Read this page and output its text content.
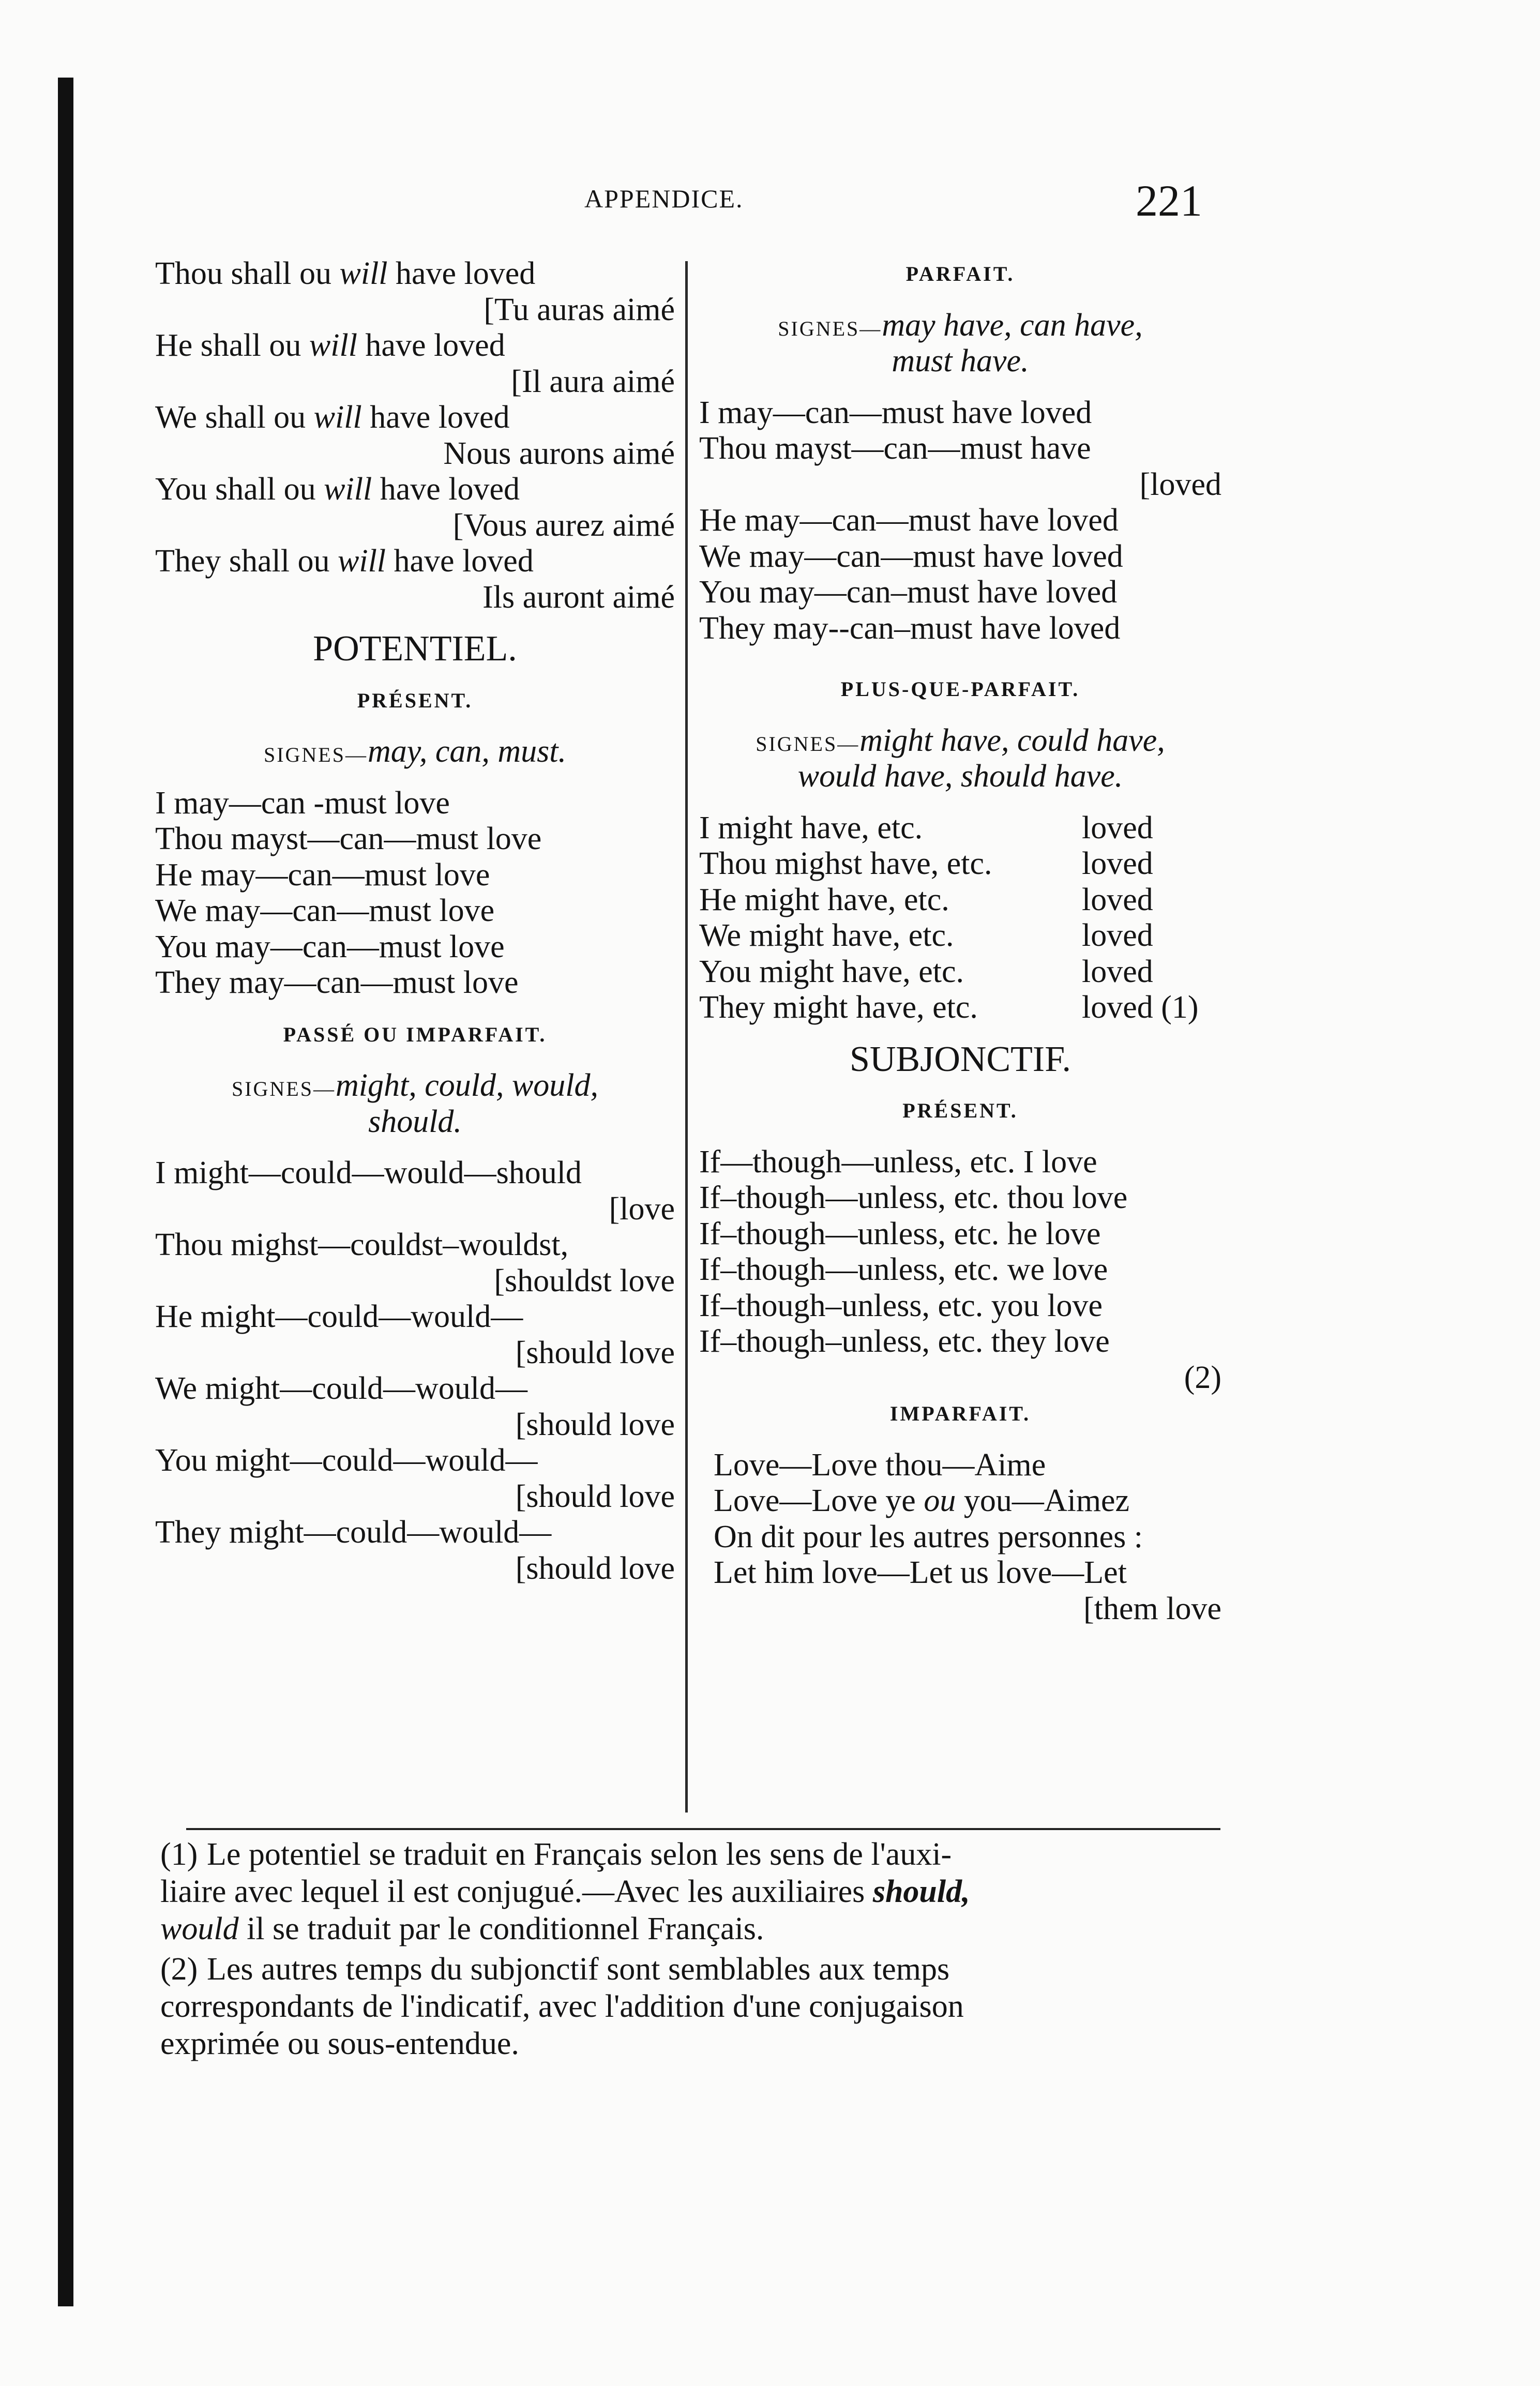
APPENDICE.	221
Thou shall ou will have loved
[Tu auras aimé
He shall ou will have loved
[Il aura aimé
We shall ou will have loved
Nous aurons aimé
You shall ou will have loved
[Vous aurez aimé
They shall ou will have loved
Ils auront aimé
POTENTIEL.
PRÉSENT.
SIGNES—may, can, must.
I may—can -must love
Thou mayst—can—must love
He may—can—must love
We may—can—must love
You may—can—must love
They may—can—must love
PASSÉ OU IMPARFAIT.
SIGNES—might, could, would,
should.
I might—could—would—should
[love
Thou mighst—couldst–wouldst,
[shouldst love
He might—could—would—
[should love
We might—could—would—
[should love
You might—could—would—
[should love
They might—could—would—
[should love
PARFAIT.
SIGNES—may have, can have,
must have.
I may—can—must have loved
Thou mayst—can—must have
[loved
He may—can—must have loved
We may—can—must have loved
You may—can–must have loved
They may--can–must have loved
PLUS-QUE-PARFAIT.
SIGNES—might have, could have,
would have, should have.
I might have, etc.	loved
Thou mighst have, etc.	loved
He might have, etc.	loved
We might have, etc.	loved
You might have, etc.	loved
They might have, etc.	loved (1)
SUBJONCTIF.
PRÉSENT.
If—though—unless, etc. I love
If–though—unless, etc. thou love
If–though—unless, etc. he love
If–though—unless, etc. we love
If–though–unless, etc. you love
If–though–unless, etc. they love
(2)
IMPARFAIT.
Love—Love thou—Aime
Love—Love ye ou you—Aimez
On dit pour les autres personnes :
Let him love—Let us love—Let
[them love
(1) Le potentiel se traduit en Français selon les sens de l'auxi-
liaire avec lequel il est conjugué.—Avec les auxiliaires should,
would il se traduit par le conditionnel Français.
(2) Les autres temps du subjonctif sont semblables aux temps
correspondants de l'indicatif, avec l'addition d'une conjugaison
exprimée ou sous-entendue.
